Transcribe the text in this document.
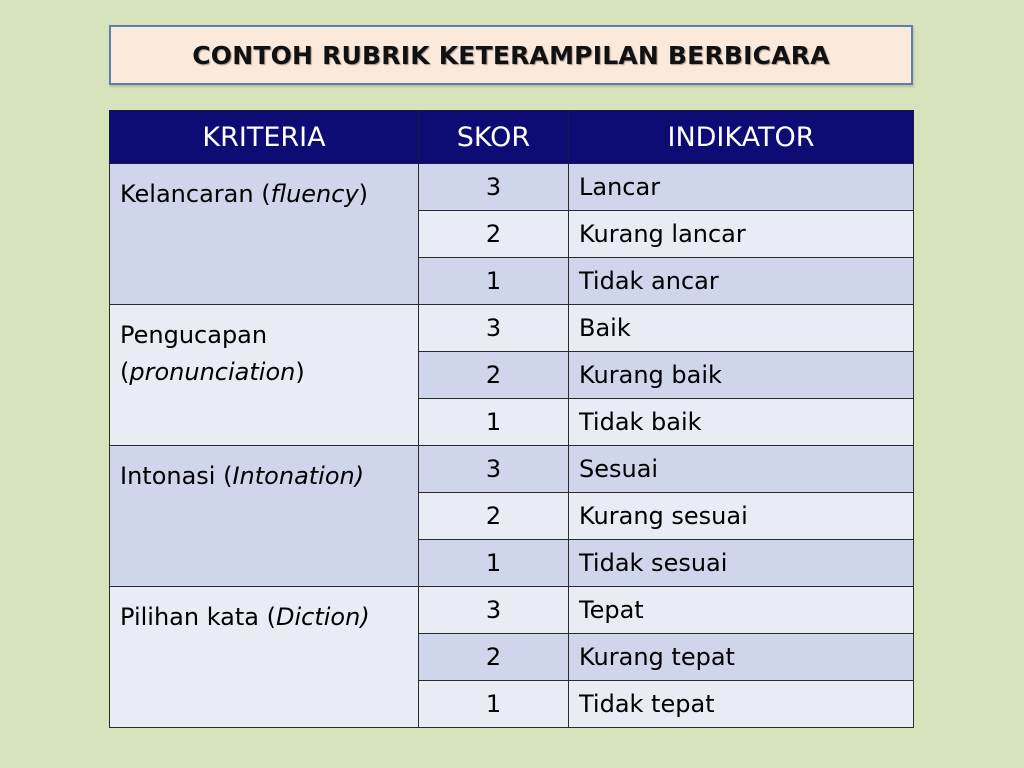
CONTOH RUBRIK KETERAMPILAN BERBICARA
KRITERIA	SKOR	INDIKATOR
Kelancaran (fluency)	3	Lancar
	2	Kurang lancar
	1	Tidak ancar
Pengucapan (pronunciation)	3	Baik
	2	Kurang baik
	1	Tidak baik
Intonasi (Intonation)	3	Sesuai
	2	Kurang sesuai
	1	Tidak sesuai
Pilihan kata (Diction)	3	Tepat
	2	Kurang tepat
	1	Tidak tepat
